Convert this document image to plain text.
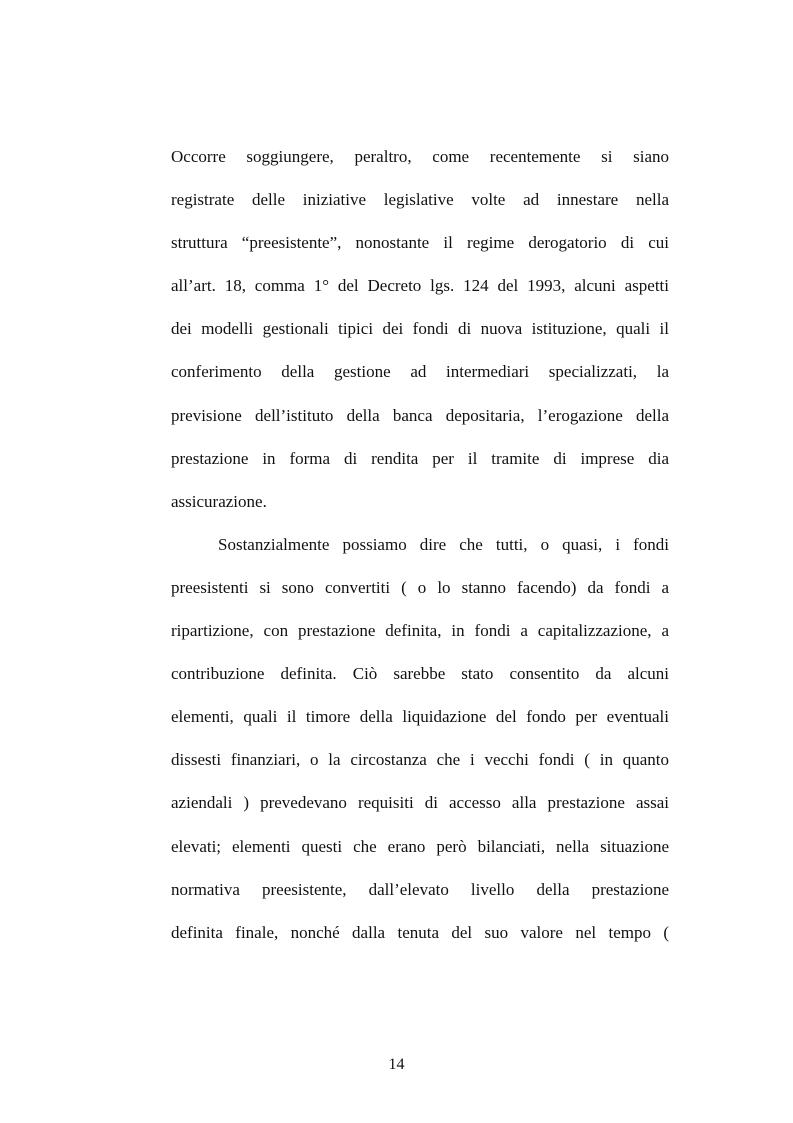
Occorre soggiungere, peraltro, come recentemente si siano
registrate delle iniziative legislative volte ad innestare nella
struttura “preesistente”, nonostante il regime derogatorio di cui
all’art. 18, comma 1° del Decreto lgs. 124 del 1993, alcuni aspetti
dei modelli gestionali tipici dei fondi di nuova istituzione, quali il
conferimento della gestione ad intermediari specializzati, la
previsione dell’istituto della banca depositaria, l’erogazione della
prestazione in forma di rendita per il tramite di imprese dia
assicurazione.
Sostanzialmente possiamo dire che tutti, o quasi, i fondi
preesistenti si sono convertiti ( o lo stanno facendo) da fondi a
ripartizione, con prestazione definita, in fondi a capitalizzazione, a
contribuzione definita. Ciò sarebbe stato consentito da alcuni
elementi, quali il timore della liquidazione del fondo per eventuali
dissesti finanziari, o la circostanza che i vecchi fondi ( in quanto
aziendali ) prevedevano requisiti di accesso alla prestazione assai
elevati; elementi questi che erano però bilanciati, nella situazione
normativa preesistente, dall’elevato livello della prestazione
definita finale, nonché dalla tenuta del suo valore nel tempo (
14
